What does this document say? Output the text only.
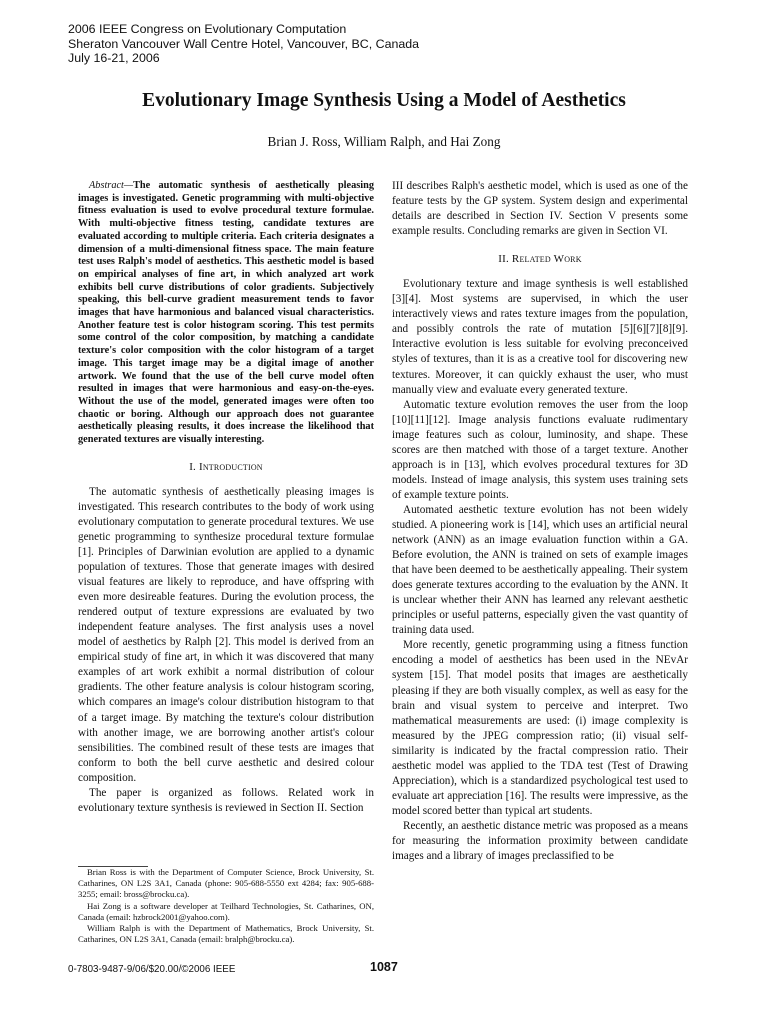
2006 IEEE Congress on Evolutionary Computation
Sheraton Vancouver Wall Centre Hotel, Vancouver, BC, Canada
July 16-21, 2006
Evolutionary Image Synthesis Using a Model of Aesthetics
Brian J. Ross, William Ralph, and Hai Zong

Abstract—The automatic synthesis of aesthetically pleasing images is investigated. Genetic programming with multi-objective fitness evaluation is used to evolve procedural texture formulae. With multi-objective fitness testing, candidate textures are evaluated according to multiple criteria. Each criteria designates a dimension of a multi-dimensional fitness space. The main feature test uses Ralph's model of aesthetics. This aesthetic model is based on empirical analyses of fine art, in which analyzed art work exhibits bell curve distributions of color gradients. Subjectively speaking, this bell-curve gradient measurement tends to favor images that have harmonious and balanced visual characteristics. Another feature test is color histogram scoring. This test permits some control of the color composition, by matching a candidate texture's color composition with the color histogram of a target image. This target image may be a digital image of another artwork. We found that the use of the bell curve model often resulted in images that were harmonious and easy-on-the-eyes. Without the use of the model, generated images were often too chaotic or boring. Although our approach does not guarantee aesthetically pleasing results, it does increase the likelihood that generated textures are visually interesting.

I. Introduction

The automatic synthesis of aesthetically pleasing images is investigated. This research contributes to the body of work using evolutionary computation to generate procedural textures. We use genetic programming to synthesize procedural texture formulae [1]. Principles of Darwinian evolution are applied to a dynamic population of textures. Those that generate images with desired visual features are likely to reproduce, and have offspring with even more desireable features. During the evolution process, the rendered output of texture expressions are evaluated by two independent feature analyses. The first analysis uses a novel model of aesthetics by Ralph [2]. This model is derived from an empirical study of fine art, in which it was discovered that many examples of art work exhibit a normal distribution of colour gradients. The other feature analysis is colour histogram scoring, which compares an image's colour distribution histogram to that of a target image. By matching the texture's colour distribution with another image, we are borrowing another artist's colour sensibilities. The combined result of these tests are images that conform to both the bell curve aesthetic and desired colour composition.

The paper is organized as follows. Related work in evolutionary texture synthesis is reviewed in Section II. Section

Brian Ross is with the Department of Computer Science, Brock University, St. Catharines, ON L2S 3A1, Canada (phone: 905-688-5550 ext 4284; fax: 905-688-3255; email: bross@brocku.ca).

Hai Zong is a software developer at Teilhard Technologies, St. Catharines, ON, Canada (email: hzbrock2001@yahoo.com).

William Ralph is with the Department of Mathematics, Brock University, St. Catharines, ON L2S 3A1, Canada (email: bralph@brocku.ca).

III describes Ralph's aesthetic model, which is used as one of the feature tests by the GP system. System design and experimental details are described in Section IV. Section V presents some example results. Concluding remarks are given in Section VI.

II. Related Work

Evolutionary texture and image synthesis is well established [3][4]. Most systems are supervised, in which the user interactively views and rates texture images from the population, and possibly controls the rate of mutation [5][6][7][8][9]. Interactive evolution is less suitable for evolving preconceived styles of textures, than it is as a creative tool for discovering new textures. Moreover, it can quickly exhaust the user, who must manually view and evaluate every generated texture.

Automatic texture evolution removes the user from the loop [10][11][12]. Image analysis functions evaluate rudimentary image features such as colour, luminosity, and shape. These scores are then matched with those of a target texture. Another approach is in [13], which evolves procedural textures for 3D models. Instead of image analysis, this system uses training sets of example texture points.

Automated aesthetic texture evolution has not been widely studied. A pioneering work is [14], which uses an artificial neural network (ANN) as an image evaluation function within a GA. Before evolution, the ANN is trained on sets of example images that have been deemed to be aesthetically appealing. Their system does generate textures according to the evaluation by the ANN. It is unclear whether their ANN has learned any relevant aesthetic principles or useful patterns, especially given the vast quantity of training data used.

More recently, genetic programming using a fitness function encoding a model of aesthetics has been used in the NEvAr system [15]. That model posits that images are aesthetically pleasing if they are both visually complex, as well as easy for the brain and visual system to perceive and interpret. Two mathematical measurements are used: (i) image complexity is measured by the JPEG compression ratio; (ii) visual self-similarity is indicated by the fractal compression ratio. Their aesthetic model was applied to the TDA test (Test of Drawing Appreciation), which is a standardized psychological test used to evaluate art appreciation [16]. The results were impressive, as the model scored better than typical art students.

Recently, an aesthetic distance metric was proposed as a means for measuring the information proximity between candidate images and a library of images preclassified to be

0-7803-9487-9/06/$20.00/©2006 IEEE	1087
